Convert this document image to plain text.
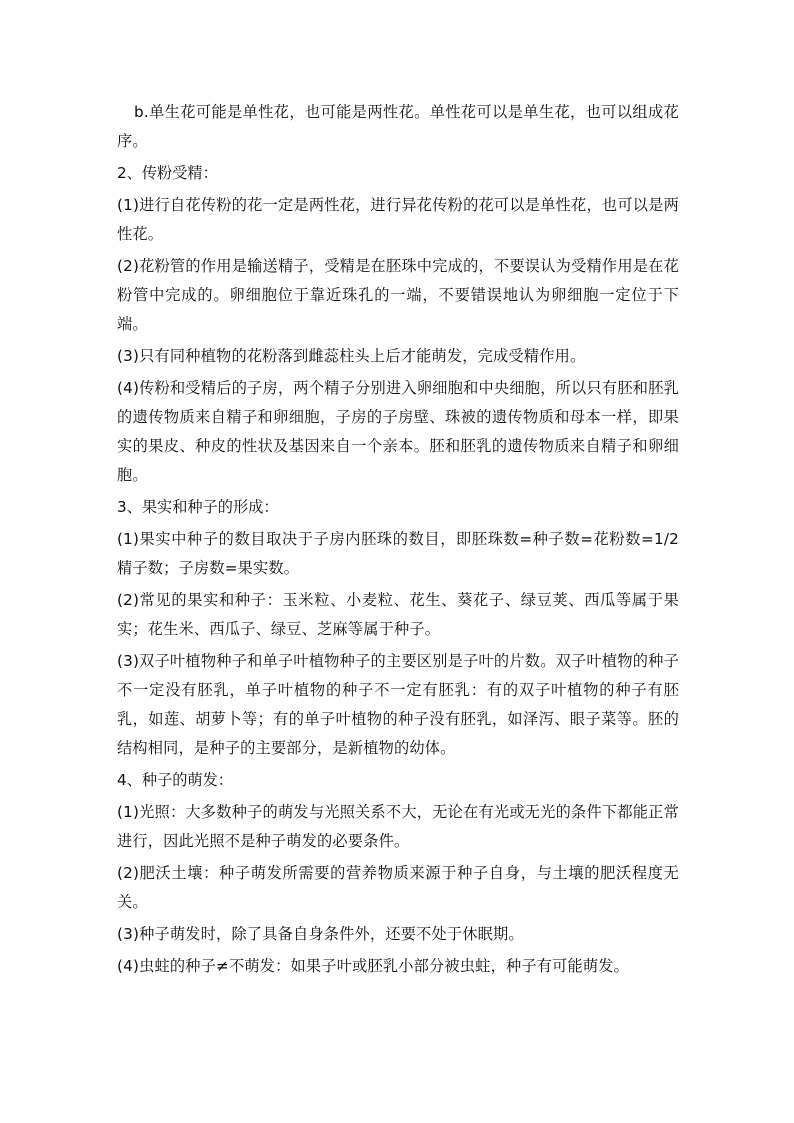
b.单生花可能是单性花，也可能是两性花。单性花可以是单生花，也可以组成花序。

2、传粉受精：

(1)进行自花传粉的花一定是两性花，进行异花传粉的花可以是单性花，也可以是两性花。

(2)花粉管的作用是输送精子，受精是在胚珠中完成的，不要误认为受精作用是在花粉管中完成的。卵细胞位于靠近珠孔的一端，不要错误地认为卵细胞一定位于下端。

(3)只有同种植物的花粉落到雌蕊柱头上后才能萌发，完成受精作用。

(4)传粉和受精后的子房，两个精子分别进入卵细胞和中央细胞，所以只有胚和胚乳的遗传物质来自精子和卵细胞，子房的子房壁、珠被的遗传物质和母本一样，即果实的果皮、种皮的性状及基因来自一个亲本。胚和胚乳的遗传物质来自精子和卵细胞。

3、果实和种子的形成：

(1)果实中种子的数目取决于子房内胚珠的数目，即胚珠数=种子数=花粉数=1/2精子数；子房数=果实数。

(2)常见的果实和种子：玉米粒、小麦粒、花生、葵花子、绿豆荚、西瓜等属于果实；花生米、西瓜子、绿豆、芝麻等属于种子。

(3)双子叶植物种子和单子叶植物种子的主要区别是子叶的片数。双子叶植物的种子不一定没有胚乳，单子叶植物的种子不一定有胚乳：有的双子叶植物的种子有胚乳，如莲、胡萝卜等；有的单子叶植物的种子没有胚乳，如泽泻、眼子菜等。胚的结构相同，是种子的主要部分，是新植物的幼体。

4、种子的萌发：

(1)光照：大多数种子的萌发与光照关系不大，无论在有光或无光的条件下都能正常进行，因此光照不是种子萌发的必要条件。

(2)肥沃土壤：种子萌发所需要的营养物质来源于种子自身，与土壤的肥沃程度无关。

(3)种子萌发时，除了具备自身条件外，还要不处于休眠期。

(4)虫蛀的种子≠不萌发：如果子叶或胚乳小部分被虫蛀，种子有可能萌发。
